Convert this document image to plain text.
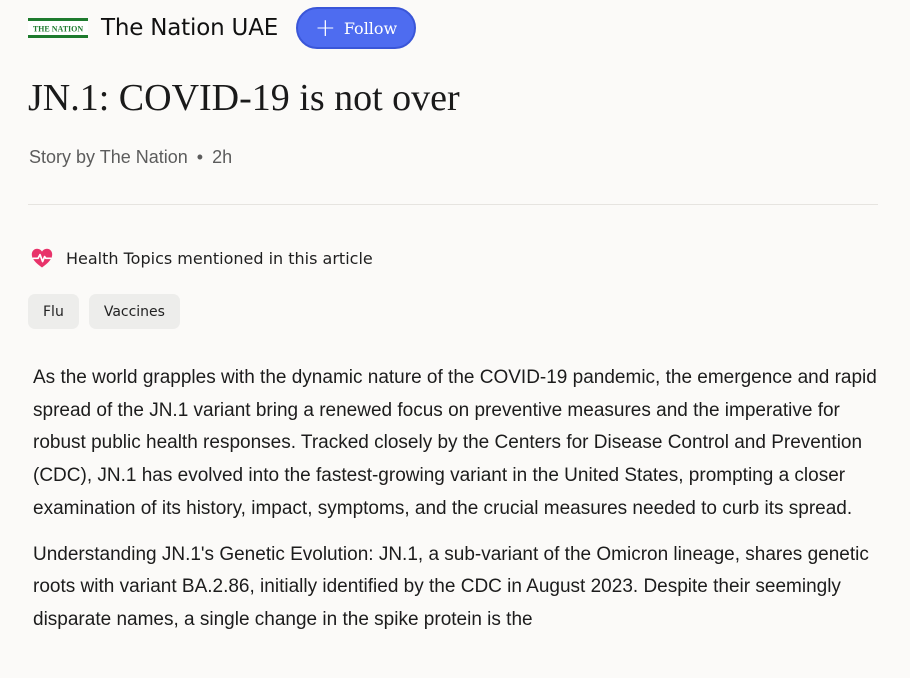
THE NATION The Nation UAE + Follow
JN.1: COVID-19 is not over
Story by The Nation • 2h
Health Topics mentioned in this article
Flu	Vaccines

As the world grapples with the dynamic nature of the COVID-19 pandemic, the emergence and rapid spread of the JN.1 variant bring a renewed focus on preventive measures and the imperative for robust public health responses. Tracked closely by the Centers for Disease Control and Prevention (CDC), JN.1 has evolved into the fastest-growing variant in the United States, prompting a closer examination of its history, impact, symptoms, and the crucial measures needed to curb its spread.

Understanding JN.1's Genetic Evolution: JN.1, a sub-variant of the Omicron lineage, shares genetic roots with variant BA.2.86, initially identified by the CDC in August 2023. Despite their seemingly disparate names, a single change in the spike protein is the
